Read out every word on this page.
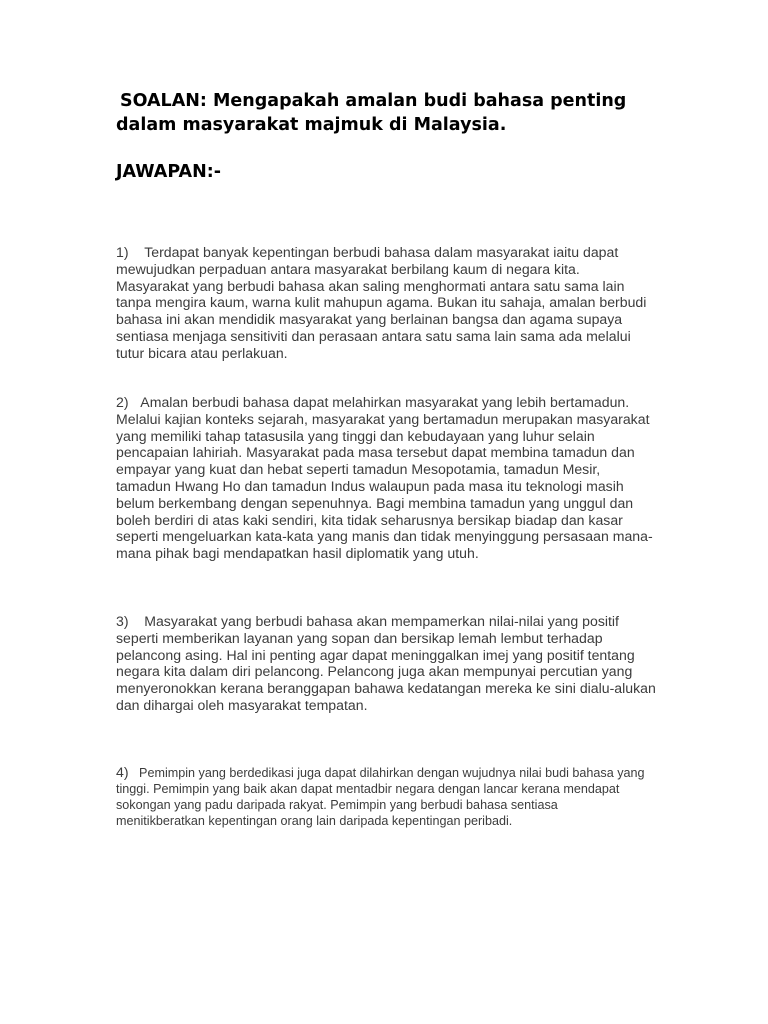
SOALAN: Mengapakah amalan budi bahasa penting dalam masyarakat majmuk di Malaysia.

JAWAPAN:-

1) Terdapat banyak kepentingan berbudi bahasa dalam masyarakat iaitu dapat mewujudkan perpaduan antara masyarakat berbilang kaum di negara kita. Masyarakat yang berbudi bahasa akan saling menghormati antara satu sama lain tanpa mengira kaum, warna kulit mahupun agama. Bukan itu sahaja, amalan berbudi bahasa ini akan mendidik masyarakat yang berlainan bangsa dan agama supaya sentiasa menjaga sensitiviti dan perasaan antara satu sama lain sama ada melalui tutur bicara atau perlakuan.

2) Amalan berbudi bahasa dapat melahirkan masyarakat yang lebih bertamadun. Melalui kajian konteks sejarah, masyarakat yang bertamadun merupakan masyarakat yang memiliki tahap tatasusila yang tinggi dan kebudayaan yang luhur selain pencapaian lahiriah. Masyarakat pada masa tersebut dapat membina tamadun dan empayar yang kuat dan hebat seperti tamadun Mesopotamia, tamadun Mesir, tamadun Hwang Ho dan tamadun Indus walaupun pada masa itu teknologi masih belum berkembang dengan sepenuhnya. Bagi membina tamadun yang unggul dan boleh berdiri di atas kaki sendiri, kita tidak seharusnya bersikap biadap dan kasar seperti mengeluarkan kata-kata yang manis dan tidak menyinggung persasaan mana-mana pihak bagi mendapatkan hasil diplomatik yang utuh.

3) Masyarakat yang berbudi bahasa akan mempamerkan nilai-nilai yang positif seperti memberikan layanan yang sopan dan bersikap lemah lembut terhadap pelancong asing. Hal ini penting agar dapat meninggalkan imej yang positif tentang negara kita dalam diri pelancong. Pelancong juga akan mempunyai percutian yang menyeronokkan kerana beranggapan bahawa kedatangan mereka ke sini dialu-alukan dan dihargai oleh masyarakat tempatan.

4) Pemimpin yang berdedikasi juga dapat dilahirkan dengan wujudnya nilai budi bahasa yang tinggi. Pemimpin yang baik akan dapat mentadbir negara dengan lancar kerana mendapat sokongan yang padu daripada rakyat. Pemimpin yang berbudi bahasa sentiasa menitikberatkan kepentingan orang lain daripada kepentingan peribadi.
